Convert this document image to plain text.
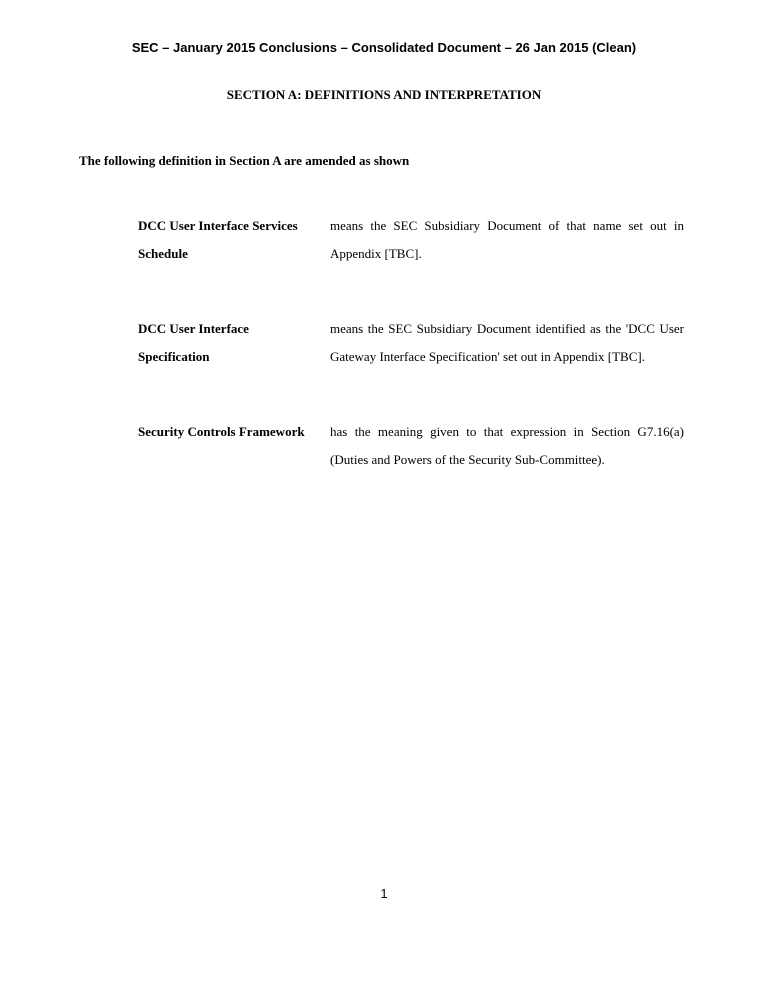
SEC – January 2015 Conclusions – Consolidated Document – 26 Jan 2015 (Clean)
SECTION A: DEFINITIONS AND INTERPRETATION
The following definition in Section A are amended as shown
DCC User Interface Services Schedule
means the SEC Subsidiary Document of that name set out in Appendix [TBC].
DCC User Interface Specification
means the SEC Subsidiary Document identified as the 'DCC User Gateway Interface Specification' set out in Appendix [TBC].
Security Controls Framework	has the meaning given to that expression in Section G7.16(a) (Duties and Powers of the Security Sub-Committee).
1
